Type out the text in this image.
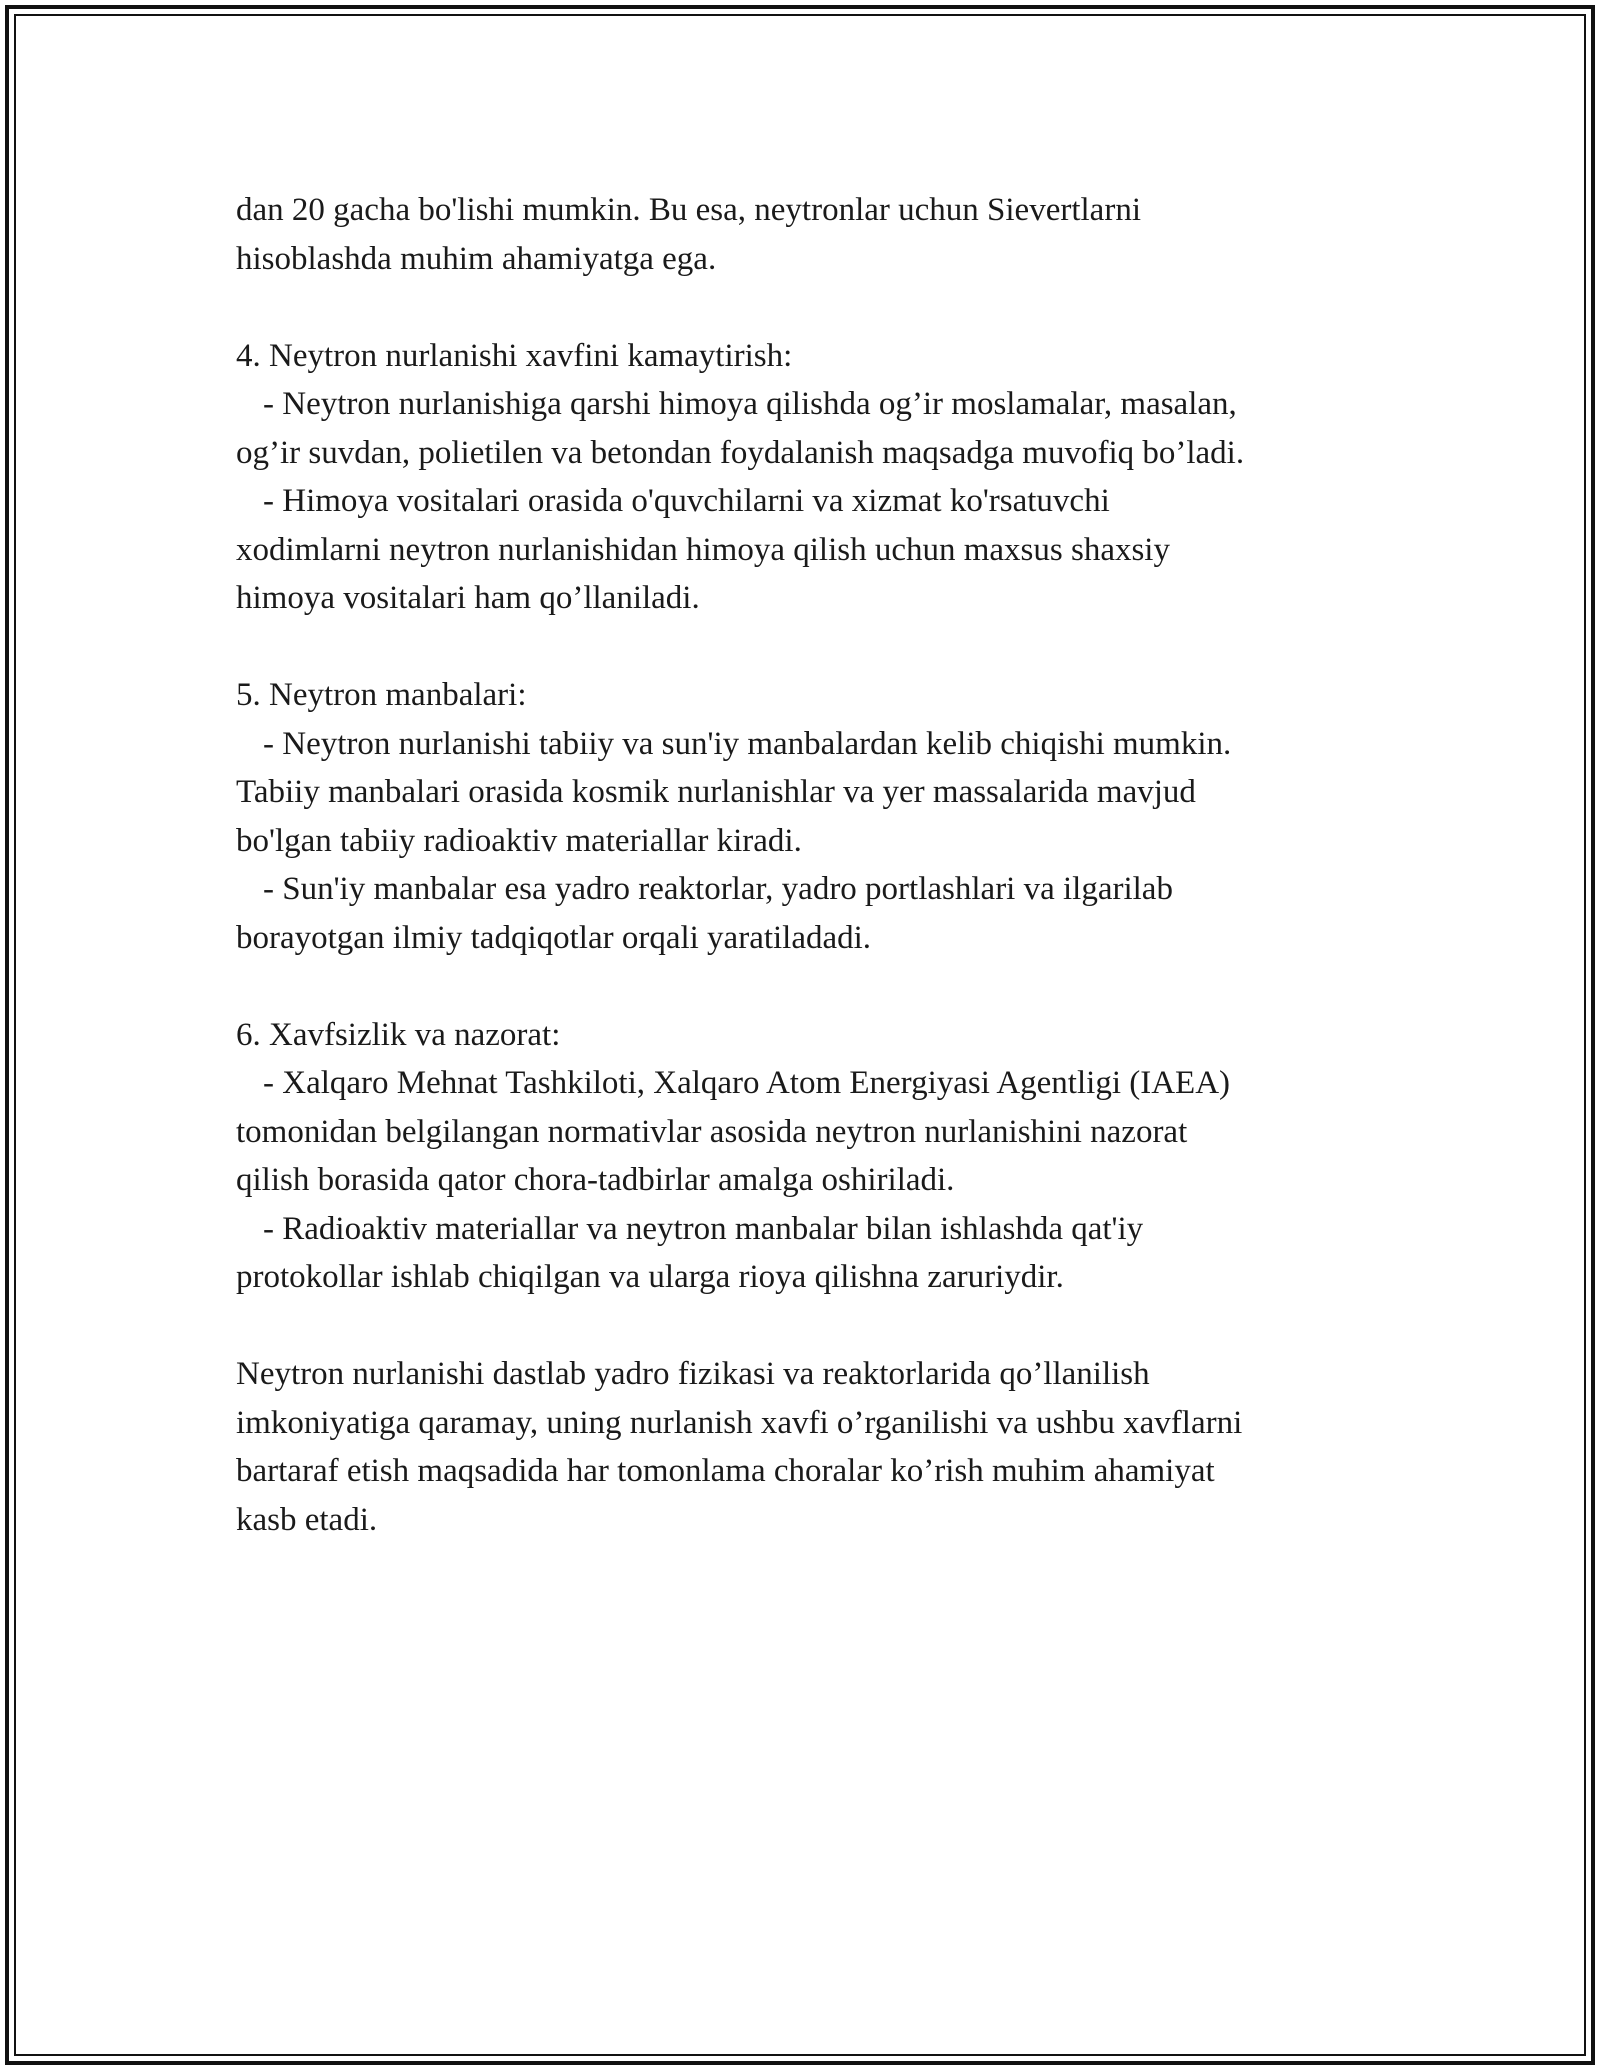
dan 20 gacha bo'lishi mumkin. Bu esa, neytronlar uchun Sievertlarni
hisoblashda muhim ahamiyatga ega.
4. Neytron nurlanishi xavfini kamaytirish:
- Neytron nurlanishiga qarshi himoya qilishda og’ir moslamalar, masalan,
og’ir suvdan, polietilen va betondan foydalanish maqsadga muvofiq bo’ladi.
- Himoya vositalari orasida o'quvchilarni va xizmat ko'rsatuvchi
xodimlarni neytron nurlanishidan himoya qilish uchun maxsus shaxsiy
himoya vositalari ham qo’llaniladi.
5. Neytron manbalari:
- Neytron nurlanishi tabiiy va sun'iy manbalardan kelib chiqishi mumkin.
Tabiiy manbalari orasida kosmik nurlanishlar va yer massalarida mavjud
bo'lgan tabiiy radioaktiv materiallar kiradi.
- Sun'iy manbalar esa yadro reaktorlar, yadro portlashlari va ilgarilab
borayotgan ilmiy tadqiqotlar orqali yaratiladadi.
6. Xavfsizlik va nazorat:
- Xalqaro Mehnat Tashkiloti, Xalqaro Atom Energiyasi Agentligi (IAEA)
tomonidan belgilangan normativlar asosida neytron nurlanishini nazorat
qilish borasida qator chora-tadbirlar amalga oshiriladi.
- Radioaktiv materiallar va neytron manbalar bilan ishlashda qat'iy
protokollar ishlab chiqilgan va ularga rioya qilishna zaruriydir.
Neytron nurlanishi dastlab yadro fizikasi va reaktorlarida qo’llanilish
imkoniyatiga qaramay, uning nurlanish xavfi o’rganilishi va ushbu xavflarni
bartaraf etish maqsadida har tomonlama choralar ko’rish muhim ahamiyat
kasb etadi.
